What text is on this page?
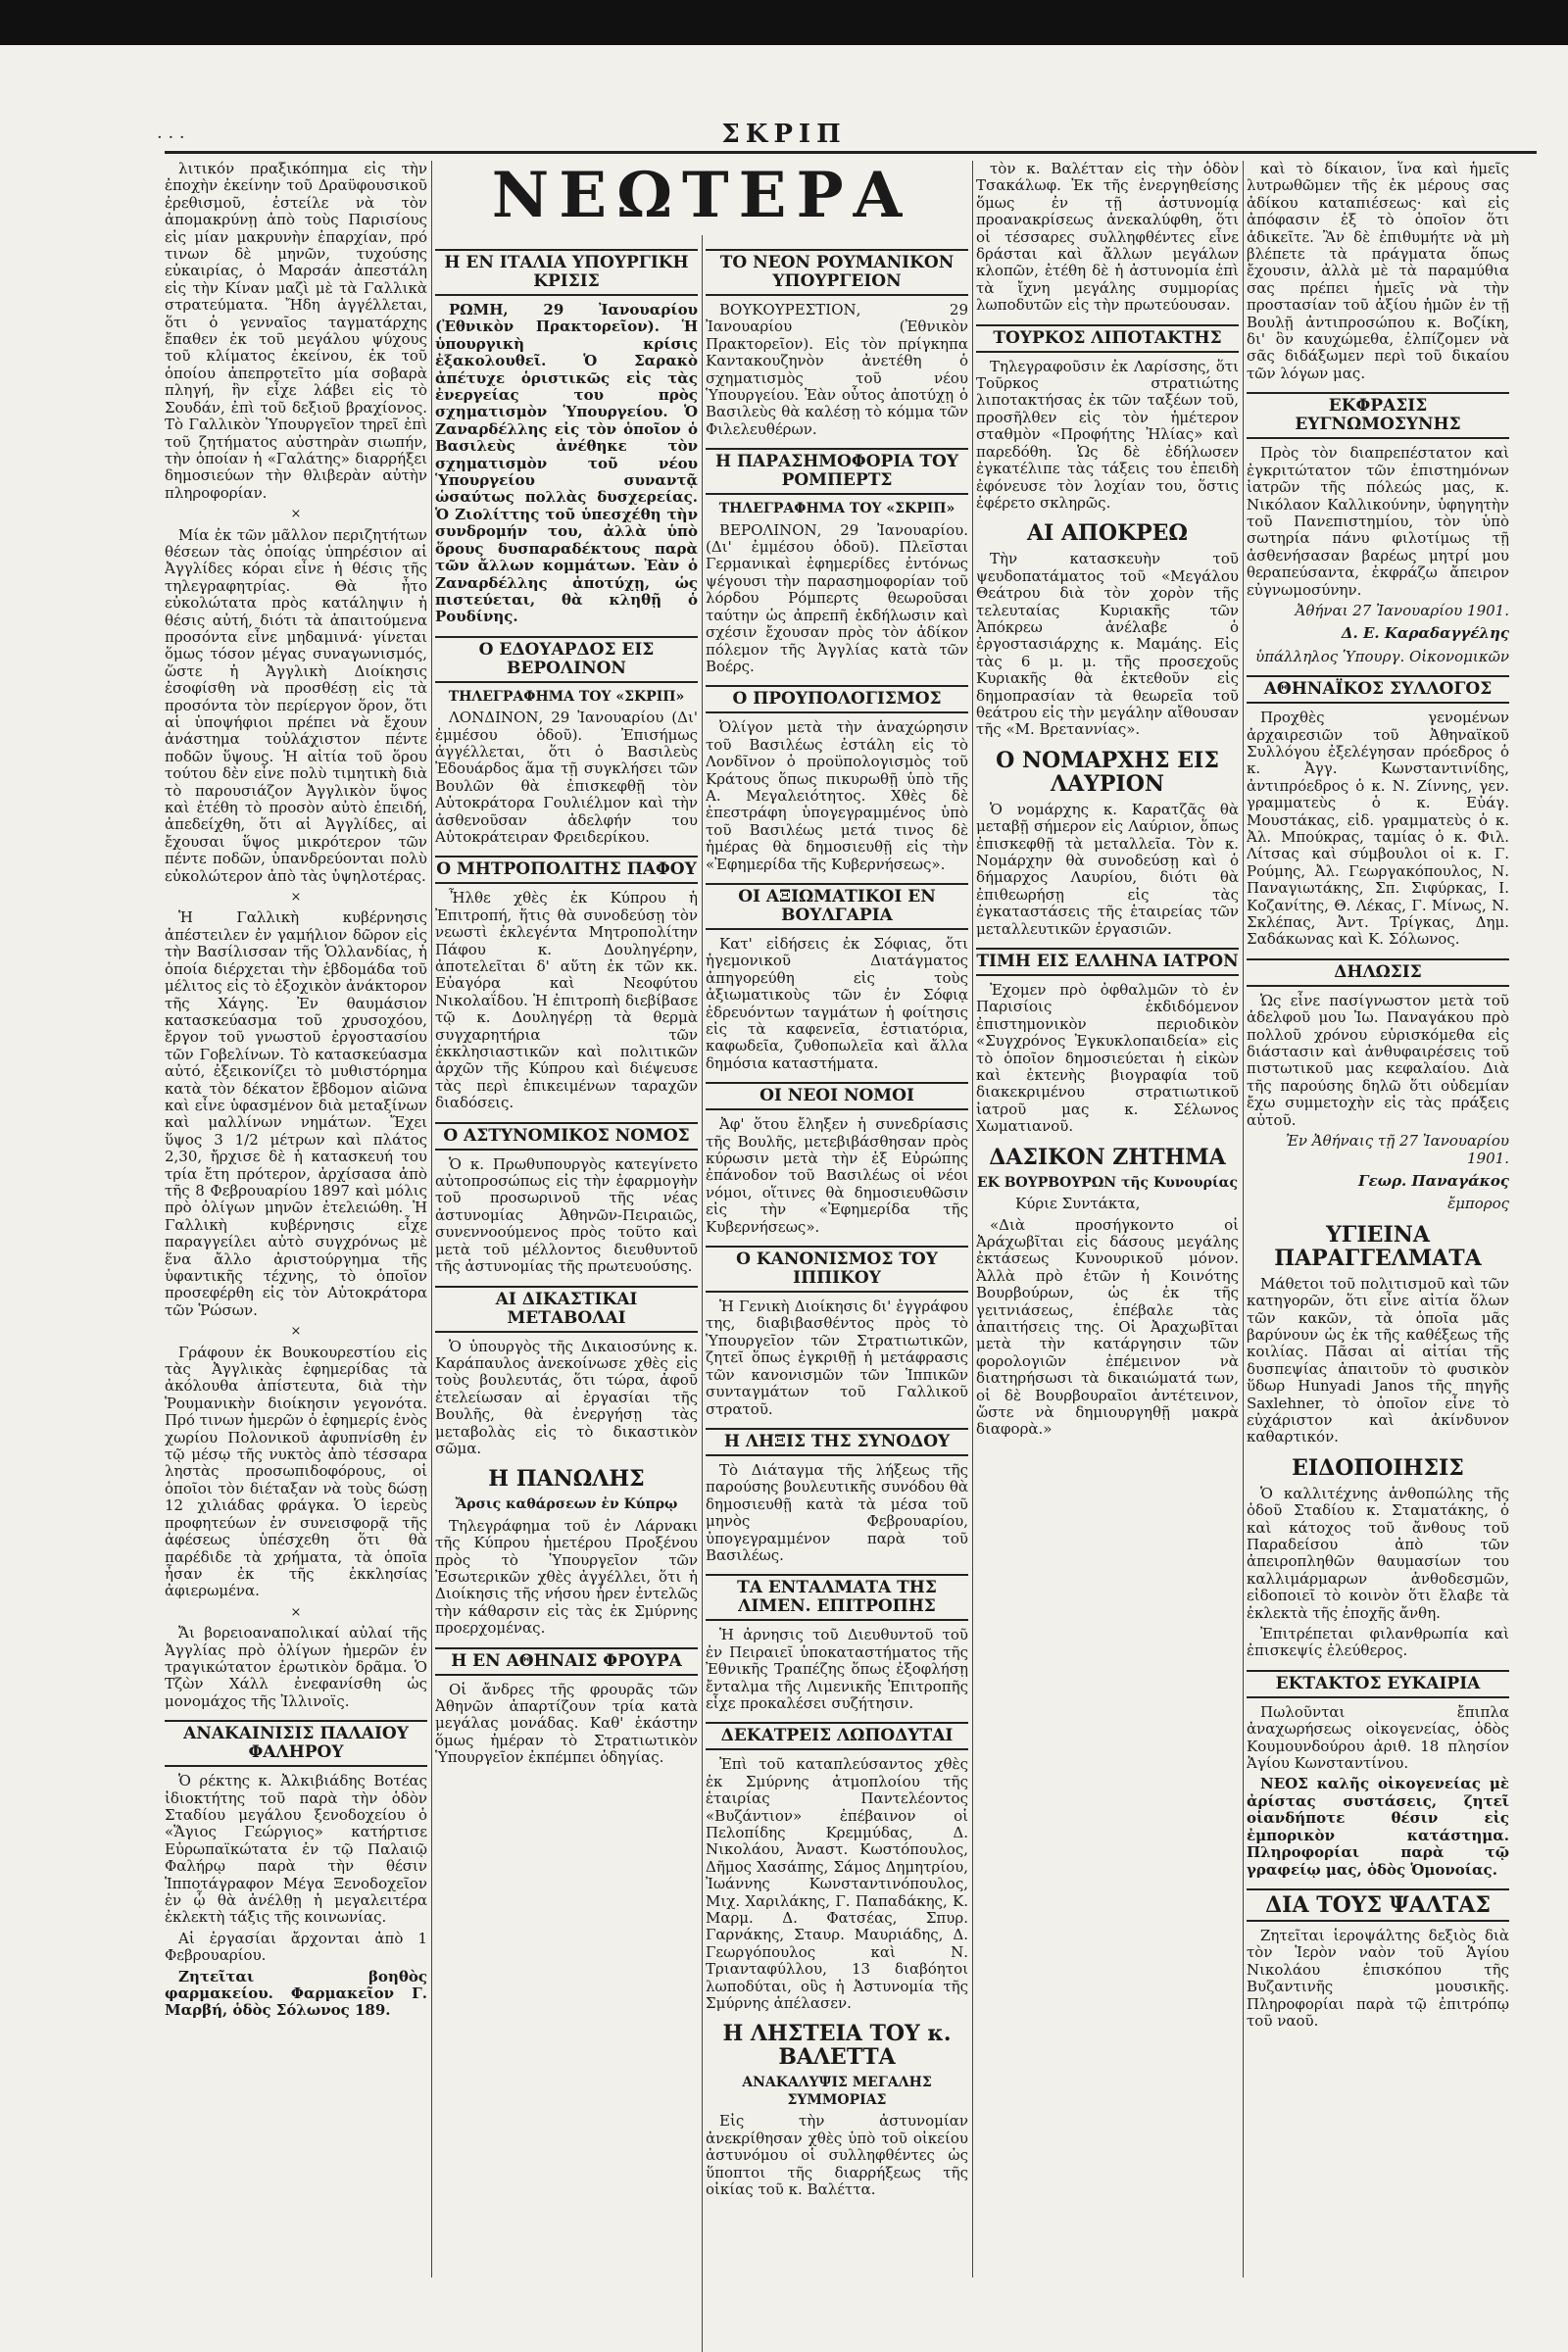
· · ·	ΣΚΡΙΠ
ΝΕΩΤΕΡΑ

λιτικόν πραξικόπημα εἰς τὴν ἐποχὴν ἐκείνην τοῦ Δραϋφουσικοῦ ἐρεθισμοῦ, ἐστείλε νὰ τὸν ἀπομακρύνῃ ἀπὸ τοὺς Παρισίους εἰς μίαν μακρυνὴν ἐπαρχίαν, πρό τινων δὲ μηνῶν, τυχούσης εὐκαιρίας, ὁ Μαρσάν ἀπεστάλη εἰς τὴν Κίναν μαζὶ μὲ τὰ Γαλλικὰ στρατεύματα. Ἤδη ἀγγέλλεται, ὅτι ὁ γενναῖος ταγματάρχης ἔπαθεν ἐκ τοῦ μεγάλου ψύχους τοῦ κλίματος ἐκείνου, ἐκ τοῦ ὁποίου ἀπεπροτεῖτο μία σοβαρὰ πληγή, ἣν εἶχε λάβει εἰς τὸ Σουδάν, ἐπὶ τοῦ δεξιοῦ βραχίονος. Τὸ Γαλλικὸν Ὑπουργεῖον τηρεῖ ἐπὶ τοῦ ζητήματος αὐστηρὰν σιωπήν, τὴν ὁποίαν ἡ «Γαλάτης» διαρρήξει δημοσιεύων τὴν θλιβερὰν αὐτὴν πληροφορίαν.

×

Μία ἐκ τῶν μᾶλλον περιζητήτων θέσεων τὰς ὁποίας ὑπηρέσιον αἱ Ἀγγλίδες κόραι εἶνε ἡ θέσις τῆς τηλεγραφητρίας. Θὰ ἦτο εὐκολώτατα πρὸς κατάληψιν ἡ θέσις αὐτή, διότι τὰ ἀπαιτούμενα προσόντα εἶνε μηδαμινά· γίνεται ὅμως τόσον μέγας συναγωνισμός, ὥστε ἡ Ἀγγλικὴ Διοίκησις ἐσοφίσθη νὰ προσθέσῃ εἰς τὰ προσόντα τὸν περίεργον ὅρον, ὅτι αἱ ὑποψήφιοι πρέπει νὰ ἔχουν ἀνάστημα τοὐλάχιστον πέντε ποδῶν ὕψους. Ἡ αἰτία τοῦ ὅρου τούτου δὲν εἶνε πολὺ τιμητικὴ διὰ τὸ παρουσιάζον Ἀγγλικὸν ὕψος καὶ ἐτέθη τὸ προσὸν αὐτὸ ἐπειδή, ἀπεδείχθη, ὅτι αἱ Ἀγγλίδες, αἱ ἔχουσαι ὕψος μικρότερον τῶν πέντε ποδῶν, ὑπανδρεύονται πολὺ εὐκολώτερον ἀπὸ τὰς ὑψηλοτέρας.

×

Ἡ Γαλλικὴ κυβέρνησις ἀπέστειλεν ἐν γαμήλιον δῶρον εἰς τὴν Βασίλισσαν τῆς Ὁλλανδίας, ἡ ὁποία διέρχεται τὴν ἑβδομάδα τοῦ μέλιτος εἰς τὸ ἐξοχικὸν ἀνάκτορον τῆς Χάγης. Ἐν θαυμάσιον κατασκεύασμα τοῦ χρυσοχόου, ἔργον τοῦ γνωστοῦ ἐργοστασίου τῶν Γοβελίνων. Τὸ κατασκεύασμα αὐτό, ἐξεικονίζει τὸ μυθιστόρημα κατὰ τὸν δέκατον ἔβδομον αἰῶνα καὶ εἶνε ὑφασμένον διὰ μεταξίνων καὶ μαλλίνων νημάτων. Ἔχει ὕψος 3 1/2 μέτρων καὶ πλάτος 2,30, ἤρχισε δὲ ἡ κατασκευή του τρία ἔτη πρότερον, ἀρχίσασα ἀπὸ τῆς 8 Φεβρουαρίου 1897 καὶ μόλις πρὸ ὀλίγων μηνῶν ἐτελειώθη. Ἡ Γαλλικὴ κυβέρνησις εἶχε παραγγείλει αὐτὸ συγχρόνως μὲ ἕνα ἄλλο ἀριστούργημα τῆς ὑφαντικῆς τέχνης, τὸ ὁποῖον προσεφέρθη εἰς τὸν Αὐτοκράτορα τῶν Ῥώσων.

×

Γράφουν ἐκ Βουκουρεστίου εἰς τὰς Ἀγγλικὰς ἐφημερίδας τὰ ἀκόλουθα ἀπίστευτα, διὰ τὴν Ῥουμανικὴν διοίκησιν γεγονότα. Πρό τινων ἡμερῶν ὁ ἐφημερίς ἑνὸς χωρίου Πολονικοῦ ἀφυπνίσθη ἐν τῷ μέσῳ τῆς νυκτὸς ἀπὸ τέσσαρα ληστὰς προσωπιδοφόρους, οἱ ὁποῖοι τὸν διέταξαν νὰ τοὺς δώσῃ 12 χιλιάδας φράγκα. Ὁ ἱερεὺς προφητεύων ἐν συνεισφορᾷ τῆς ἀφέσεως ὑπέσχεθη ὅτι θὰ παρέδιδε τὰ χρήματα, τὰ ὁποῖα ἦσαν ἐκ τῆς ἐκκλησίας ἀφιερωμένα.

×

Ἄι βορειοαναπολικαί αὐλαί τῆς Ἀγγλίας πρὸ ὀλίγων ἡμερῶν ἐν τραγικώτατον ἐρωτικὸν δρᾶμα. Ὁ Τζὼν Χάλλ ἐνεφανίσθη ὡς μονομάχος τῆς Ἰλλινοϊς.

ΑΝΑΚΑΙΝΙΣΙΣ ΠΑΛΑΙΟΥ ΦΑΛΗΡΟΥ

Ὁ ρέκτης κ. Ἀλκιβιάδης Βοτέας ἰδιοκτήτης τοῦ παρὰ τὴν ὁδὸν Σταδίου μεγάλου ξενοδοχείου ὁ «Ἅγιος Γεώργιος» κατήρτισε Εὐρωπαϊκώτατα ἐν τῷ Παλαιῷ Φαλήρῳ παρὰ τὴν θέσιν Ἱπποτάγραφον Μέγα Ξενοδοχεῖον ἐν ᾧ θὰ ἀνέλθῃ ἡ μεγαλειτέρα ἐκλεκτὴ τάξις τῆς κοινωνίας.

Αἱ ἐργασίαι ἄρχονται ἀπὸ 1 Φεβρουαρίου.

Ζητεῖται βοηθὸς φαρμακείου. Φαρμακεῖον Γ. Μαρβή, ὁδὸς Σόλωνος 189.

Η ΕΝ ΙΤΑΛΙΑ ΥΠΟΥΡΓΙΚΗ ΚΡΙΣΙΣ

ΡΩΜΗ, 29 Ἰανουαρίου (Ἐθνικὸν Πρακτορεῖον). Ἡ ὑπουργικὴ κρίσις ἐξακολουθεῖ. Ὁ Σαρακὸ ἀπέτυχε ὁριστικῶς εἰς τὰς ἐνεργείας του πρὸς σχηματισμὸν Ὑπουργείου. Ὁ Ζαναρδέλλης εἰς τὸν ὁποῖον ὁ Βασιλεὺς ἀνέθηκε τὸν σχηματισμὸν τοῦ νέου Ὑπουργείου συναντᾷ ὡσαύτως πολλὰς δυσχερείας. Ὁ Ζιολίττης τοῦ ὑπεσχέθη τὴν συνδρομήν του, ἀλλὰ ὑπὸ ὅρους δυσπαραδέκτους παρὰ τῶν ἄλλων κομμάτων. Ἐὰν ὁ Ζαναρδέλλης ἀποτύχῃ, ὡς πιστεύεται, θὰ κληθῇ ὁ Ρουδίνης.

Ο ΕΔΟΥΑΡΔΟΣ ΕΙΣ ΒΕΡΟΛΙΝΟΝ
ΤΗΛΕΓΡΑΦΗΜΑ ΤΟΥ «ΣΚΡΙΠ»

ΛΟΝΔΙΝΟΝ, 29 Ἰανουαρίου (Δι' ἐμμέσου ὁδοῦ). Ἐπισήμως ἀγγέλλεται, ὅτι ὁ Βασιλεὺς Ἐδουάρδος ἅμα τῇ συγκλήσει τῶν Βουλῶν θὰ ἐπισκεφθῇ τὸν Αὐτοκράτορα Γουλιέλμον καὶ τὴν ἀσθενοῦσαν ἀδελφήν του Αὐτοκράτειραν Φρειδερίκου.

Ο ΜΗΤΡΟΠΟΛΙΤΗΣ ΠΑΦΟΥ

Ἦλθε χθὲς ἐκ Κύπρου ἡ Ἐπιτροπή, ἥτις θὰ συνοδεύσῃ τὸν νεωστὶ ἐκλεγέντα Μητροπολίτην Πάφου κ. Δουληγέρην, ἀποτελεῖται δ' αὕτη ἐκ τῶν κκ. Εὐαγόρα καὶ Νεοφύτου Νικολαΐδου. Ἡ ἐπιτροπὴ διεβίβασε τῷ κ. Δουληγέρῃ τὰ θερμὰ συγχαρητήρια τῶν ἐκκλησιαστικῶν καὶ πολιτικῶν ἀρχῶν τῆς Κύπρου καὶ διέψευσε τὰς περὶ ἐπικειμένων ταραχῶν διαδόσεις.

Ο ΑΣΤΥΝΟΜΙΚΟΣ ΝΟΜΟΣ

Ὁ κ. Πρωθυπουργὸς κατεγίνετο αὐτοπροσώπως εἰς τὴν ἐφαρμογὴν τοῦ προσωρινοῦ τῆς νέας ἀστυνομίας Ἀθηνῶν-Πειραιῶς, συνεννοούμενος πρὸς τοῦτο καὶ μετὰ τοῦ μέλλοντος διευθυντοῦ τῆς ἀστυνομίας τῆς πρωτευούσης.

ΑΙ ΔΙΚΑΣΤΙΚΑΙ ΜΕΤΑΒΟΛΑΙ

Ὁ ὑπουργὸς τῆς Δικαιοσύνης κ. Καράπαυλος ἀνεκοίνωσε χθὲς εἰς τοὺς βουλευτάς, ὅτι τώρα, ἀφοῦ ἐτελείωσαν αἱ ἐργασίαι τῆς Βουλῆς, θὰ ἐνεργήσῃ τὰς μεταβολὰς εἰς τὸ δικαστικὸν σῶμα.

Η ΠΑΝΩΛΗΣ
Ἄρσις καθάρσεων ἐν Κύπρῳ

Τηλεγράφημα τοῦ ἐν Λάρνακι τῆς Κύπρου ἡμετέρου Προξένου πρὸς τὸ Ὑπουργεῖον τῶν Ἐσωτερικῶν χθὲς ἀγγέλλει, ὅτι ἡ Διοίκησις τῆς νήσου ἦρεν ἐντελῶς τὴν κάθαρσιν εἰς τὰς ἐκ Σμύρνης προερχομένας.

Η ΕΝ ΑΘΗΝΑΙΣ ΦΡΟΥΡΑ

Οἱ ἄνδρες τῆς φρουρᾶς τῶν Ἀθηνῶν ἀπαρτίζουν τρία κατὰ μεγάλας μονάδας. Καθ' ἑκάστην ὅμως ἡμέραν τὸ Στρατιωτικὸν Ὑπουργεῖον ἐκπέμπει ὁδηγίας.

ΤΟ ΝΕΟΝ ΡΟΥΜΑΝΙΚΟΝ ΥΠΟΥΡΓΕΙΟΝ

ΒΟΥΚΟΥΡΕΣΤΙΟΝ, 29 Ἰανουαρίου (Ἐθνικὸν Πρακτορεῖον). Εἰς τὸν πρίγκηπα Καντακουζηνὸν ἀνετέθη ὁ σχηματισμὸς τοῦ νέου Ὑπουργείου. Ἐὰν οὗτος ἀποτύχῃ ὁ Βασιλεὺς θὰ καλέσῃ τὸ κόμμα τῶν Φιλελευθέρων.

Η ΠΑΡΑΣΗΜΟΦΟΡΙΑ ΤΟΥ ΡΟΜΠΕΡΤΣ
ΤΗΛΕΓΡΑΦΗΜΑ ΤΟΥ «ΣΚΡΙΠ»

ΒΕΡΟΛΙΝΟΝ, 29 Ἰανουαρίου. (Δι' ἐμμέσου ὁδοῦ). Πλεῖσται Γερμανικαὶ ἐφημερίδες ἐντόνως ψέγουσι τὴν παρασημοφορίαν τοῦ λόρδου Ρόμπερτς θεωροῦσαι ταύτην ὡς ἀπρεπῆ ἐκδήλωσιν καὶ σχέσιν ἔχουσαν πρὸς τὸν ἀδίκον πόλεμον τῆς Ἀγγλίας κατὰ τῶν Βοέρς.

Ο ΠΡΟΥΠΟΛΟΓΙΣΜΟΣ

Ὀλίγον μετὰ τὴν ἀναχώρησιν τοῦ Βασιλέως ἐστάλη εἰς τὸ Λονδῖνον ὁ προϋπολογισμὸς τοῦ Κράτους ὅπως πικυρωθῇ ὑπὸ τῆς Α. Μεγαλειότητος. Χθὲς δὲ ἐπεστράφη ὑπογεγραμμένος ὑπὸ τοῦ Βασιλέως μετά τινος δὲ ἡμέρας θὰ δημοσιευθῇ εἰς τὴν «Ἐφημερίδα τῆς Κυβερνήσεως».

ΟΙ ΑΞΙΩΜΑΤΙΚΟΙ ΕΝ ΒΟΥΛΓΑΡΙΑ

Κατ' εἰδήσεις ἐκ Σόφιας, ὅτι ἡγεμονικοῦ Διατάγματος ἀπηγορεύθη εἰς τοὺς ἀξιωματικοὺς τῶν ἐν Σόφιᾳ ἐδρευόντων ταγμάτων ἡ φοίτησις εἰς τὰ καφενεῖα, ἑστιατόρια, καφωδεῖα, ζυθοπωλεῖα καὶ ἄλλα δημόσια καταστήματα.

ΟΙ ΝΕΟΙ ΝΟΜΟΙ

Ἀφ' ὅτου ἔληξεν ἡ συνεδρίασις τῆς Βουλῆς, μετεβιβάσθησαν πρὸς κύρωσιν μετὰ τὴν ἐξ Εὐρώπης ἐπάνοδον τοῦ Βασιλέως οἱ νέοι νόμοι, οἵτινες θὰ δημοσιευθῶσιν εἰς τὴν «Ἐφημερίδα τῆς Κυβερνήσεως».

Ο ΚΑΝΟΝΙΣΜΟΣ ΤΟΥ ΙΠΠΙΚΟΥ

Ἡ Γενικὴ Διοίκησις δι' ἐγγράφου της, διαβιβασθέντος πρὸς τὸ Ὑπουργεῖον τῶν Στρατιωτικῶν, ζητεῖ ὅπως ἐγκριθῇ ἡ μετάφρασις τῶν κανονισμῶν τῶν Ἱππικῶν συνταγμάτων τοῦ Γαλλικοῦ στρατοῦ.

Η ΛΗΞΙΣ ΤΗΣ ΣΥΝΟΔΟΥ

Τὸ Διάταγμα τῆς λήξεως τῆς παρούσης βουλευτικῆς συνόδου θὰ δημοσιευθῇ κατὰ τὰ μέσα τοῦ μηνὸς Φεβρουαρίου, ὑπογεγραμμένον παρὰ τοῦ Βασιλέως.

ΤΑ ΕΝΤΑΛΜΑΤΑ ΤΗΣ ΛΙΜΕΝ. ΕΠΙΤΡΟΠΗΣ

Ἡ ἀρνησις τοῦ Διευθυντοῦ τοῦ ἐν Πειραιεῖ ὑποκαταστήματος τῆς Ἐθνικῆς Τραπέζης ὅπως ἐξοφλήσῃ ἔνταλμα τῆς Λιμενικῆς Ἐπιτροπῆς εἶχε προκαλέσει συζήτησιν.

ΔΕΚΑΤΡΕΙΣ ΛΩΠΟΔΥΤΑΙ

Ἐπὶ τοῦ καταπλεύσαντος χθὲς ἐκ Σμύρνης ἀτμοπλοίου τῆς ἑταιρίας Παντελέοντος «Βυζάντιον» ἐπέβαινον οἱ Πελοπίδης Κρεμμύδας, Δ. Νικολάου, Ἀναστ. Κωστόπουλος, Δῆμος Χασάπης, Σάμος Δημητρίου, Ἰωάννης Κωνσταντινόπουλος, Μιχ. Χαριλάκης, Γ. Παπαδάκης, Κ. Μαρμ. Δ. Φατσέας, Σπυρ. Γαρνάκης, Σταυρ. Μαυριάδης, Δ. Γεωργόπουλος καὶ Ν. Τριανταφύλλου, 13 διαβόητοι λωποδύται, οὓς ἡ Ἀστυνομία τῆς Σμύρνης ἀπέλασεν.

Η ΛΗΣΤΕΙΑ ΤΟΥ κ. ΒΑΛΕΤΤΑ
ΑΝΑΚΑΛΥΨΙΣ ΜΕΓΑΛΗΣ ΣΥΜΜΟΡΙΑΣ

Εἰς τὴν ἀστυνομίαν ἀνεκρίθησαν χθὲς ὑπὸ τοῦ οἰκείου ἀστυνόμου οἱ συλληφθέντες ὡς ὕποπτοι τῆς διαρρήξεως τῆς οἰκίας τοῦ κ. Βαλέττα.

τὸν κ. Βαλέτταν εἰς τὴν ὁδὸν Τσακάλωφ. Ἐκ τῆς ἐνεργηθείσης ὅμως ἐν τῇ ἀστυνομίᾳ προανακρίσεως ἀνεκαλύφθη, ὅτι οἱ τέσσαρες συλληφθέντες εἶνε δράσται καὶ ἄλλων μεγάλων κλοπῶν, ἐτέθη δὲ ἡ ἀστυνομία ἐπὶ τὰ ἴχνη μεγάλης συμμορίας λωποδυτῶν εἰς τὴν πρωτεύουσαν.

ΤΟΥΡΚΟΣ ΛΙΠΟΤΑΚΤΗΣ

Τηλεγραφοῦσιν ἐκ Λαρίσσης, ὅτι Τοῦρκος στρατιώτης λιποτακτήσας ἐκ τῶν ταξέων τοῦ, προσῆλθεν εἰς τὸν ἡμέτερον σταθμὸν «Προφήτης Ἠλίας» καὶ παρεδόθη. Ὡς δὲ ἐδήλωσεν ἐγκατέλιπε τὰς τάξεις του ἐπειδὴ ἐφόνευσε τὸν λοχίαν του, ὅστις ἐφέρετο σκληρῶς.

ΑΙ ΑΠΟΚΡΕΩ

Τὴν κατασκευὴν τοῦ ψευδοπατάματος τοῦ «Μεγάλου Θεάτρου διὰ τὸν χορὸν τῆς τελευταίας Κυριακῆς τῶν Ἀπόκρεω ἀνέλαβε ὁ ἐργοστασιάρχης κ. Μαμάης. Εἰς τὰς 6 μ. μ. τῆς προσεχοῦς Κυριακῆς θὰ ἐκτεθοῦν εἰς δημοπρασίαν τὰ θεωρεῖα τοῦ θεάτρου εἰς τὴν μεγάλην αἴθουσαν τῆς «Μ. Βρεταννίας».

Ο ΝΟΜΑΡΧΗΣ ΕΙΣ ΛΑΥΡΙΟΝ

Ὁ νομάρχης κ. Καρατζᾶς θὰ μεταβῇ σήμερον εἰς Λαύριον, ὅπως ἐπισκεφθῇ τὰ μεταλλεῖα. Τὸν κ. Νομάρχην θὰ συνοδεύσῃ καὶ ὁ δήμαρχος Λαυρίου, διότι θὰ ἐπιθεωρήσῃ εἰς τὰς ἐγκαταστάσεις τῆς ἑταιρείας τῶν μεταλλευτικῶν ἐργασιῶν.

ΤΙΜΗ ΕΙΣ ΕΛΛΗΝΑ ΙΑΤΡΟΝ

Ἐχομεν πρὸ ὀφθαλμῶν τὸ ἐν Παρισίοις ἐκδιδόμενον ἐπιστημονικὸν περιοδικὸν «Συγχρόνος Ἐγκυκλοπαιδεία» εἰς τὸ ὁποῖον δημοσιεύεται ἡ εἰκὼν καὶ ἐκτενὴς βιογραφία τοῦ διακεκριμένου στρατιωτικοῦ ἰατροῦ μας κ. Σέλωνος Χωματιανοῦ.

ΔΑΣΙΚΟΝ ΖΗΤΗΜΑ
ΕΚ ΒΟΥΡΒΟΥΡΩΝ τῆς Κυνουρίας

Κύριε Συντάκτα,

«Διὰ προσήγκοντο οἱ Ἀράχωβῖται εἰς δάσους μεγάλης ἐκτάσεως Κυνουρικοῦ μόνον. Ἀλλὰ πρὸ ἐτῶν ἡ Κοινότης Βουρβούρων, ὡς ἐκ τῆς γειτνιάσεως, ἐπέβαλε τὰς ἀπαιτήσεις της. Οἱ Ἀραχωβῖται μετὰ τὴν κατάργησιν τῶν φορολογιῶν ἐπέμεινον νὰ διατηρήσωσι τὰ δικαιώματά των, οἱ δὲ Βουρβουραῖοι ἀντέτεινον, ὥστε νὰ δημιουργηθῇ μακρὰ διαφορὰ.»

καὶ τὸ δίκαιον, ἵνα καὶ ἡμεῖς λυτρωθῶμεν τῆς ἐκ μέρους σας ἀδίκου καταπιέσεως· καὶ εἰς ἀπόφασιν ἐξ τὸ ὁποῖον ὅτι ἀδικεῖτε. Ἂν δὲ ἐπιθυμήτε νὰ μὴ βλέπετε τὰ πράγματα ὅπως ἔχουσιν, ἀλλὰ μὲ τὰ παραμύθια σας πρέπει ἡμεῖς νὰ τὴν προστασίαν τοῦ ἀξίου ἡμῶν ἐν τῇ Βουλῇ ἀντιπροσώπου κ. Βοζίκη, δι' ὃν καυχώμεθα, ἐλπίζομεν νὰ σᾶς διδάξωμεν περὶ τοῦ δικαίου τῶν λόγων μας.

ΕΚΦΡΑΣΙΣ ΕΥΓΝΩΜΟΣΥΝΗΣ

Πρὸς τὸν διαπρεπέστατον καὶ ἐγκριτώτατον τῶν ἐπιστημόνων ἰατρῶν τῆς πόλεώς μας, κ. Νικόλαον Καλλικούνην, ὑφηγητὴν τοῦ Πανεπιστημίου, τὸν ὑπὸ σωτηρία πάνυ φιλοτίμως τῇ ἀσθενήσασαν βαρέως μητρί μου θεραπεύσαντα, ἐκφράζω ἄπειρον εὐγνωμοσύνην.

Ἀθήναι 27 Ἰανουαρίου 1901.
Δ. Ε. Καραδαγγέλης
ὑπάλληλος Ὑπουργ. Οἰκονομικῶν
ΑΘΗΝΑΪΚΟΣ ΣΥΛΛΟΓΟΣ

Προχθὲς γενομένων ἀρχαιρεσιῶν τοῦ Ἀθηναϊκοῦ Συλλόγου ἐξελέγησαν πρόεδρος ὁ κ. Ἀγγ. Κωνσταντινίδης, ἀντιπρόεδρος ὁ κ. Ν. Ζίννης, γεν. γραμματεὺς ὁ κ. Εὐάγ. Μουστάκας, εἰδ. γραμματεὺς ὁ κ. Ἀλ. Μπούκρας, ταμίας ὁ κ. Φιλ. Λίτσας καὶ σύμβουλοι οἱ κ. Γ. Ρούμης, Ἀλ. Γεωργακόπουλος, Ν. Παναγιωτάκης, Σπ. Σιφύρκας, Ι. Κοζανίτης, Θ. Λέκας, Γ. Μίνως, Ν. Σκλέπας, Ἀντ. Τρίγκας, Δημ. Σαδάκωνας καὶ Κ. Σόλωνος.

ΔΗΛΩΣΙΣ

Ὡς εἶνε πασίγνωστον μετὰ τοῦ ἀδελφοῦ μου Ἰω. Παναγάκου πρὸ πολλοῦ χρόνου εὑρισκόμεθα εἰς διάστασιν καὶ ἀνθυφαιρέσεις τοῦ πιστωτικοῦ μας κεφαλαίου. Διὰ τῆς παρούσης δηλῶ ὅτι οὐδεμίαν ἔχω συμμετοχὴν εἰς τὰς πράξεις αὐτοῦ.

Ἐν Ἀθήναις τῇ 27 Ἰανουαρίου 1901.
Γεωρ. Παναγάκος
ἔμπορος
ΥΓΙΕΙΝΑ ΠΑΡΑΓΓΕΛΜΑΤΑ

Μάθετοι τοῦ πολιτισμοῦ καὶ τῶν κατηγορῶν, ὅτι εἶνε αἰτία ὅλων τῶν κακῶν, τὰ ὁποῖα μᾶς βαρύνουν ὡς ἐκ τῆς καθέξεως τῆς κοιλίας. Πᾶσαι αἱ αἰτίαι τῆς δυσπεψίας ἀπαιτοῦν τὸ φυσικὸν ὕδωρ Hunyadi Janos τῆς πηγῆς Saxlehner, τὸ ὁποῖον εἶνε τὸ εὐχάριστον καὶ ἀκίνδυνον καθαρτικόν.

ΕΙΔΟΠΟΙΗΣΙΣ

Ὁ καλλιτέχνης ἀνθοπώλης τῆς ὁδοῦ Σταδίου κ. Σταματάκης, ὁ καὶ κάτοχος τοῦ ἄνθους τοῦ Παραδείσου ἀπὸ τῶν ἀπειροπληθῶν θαυμασίων του καλλιμάρμαρων ἀνθοδεσμῶν, εἰδοποιεῖ τὸ κοινὸν ὅτι ἔλαβε τὰ ἐκλεκτὰ τῆς ἐποχῆς ἄνθη.

Ἐπιτρέπεται φιλανθρωπία καὶ ἐπισκεψίς ἐλεύθερος.

ΕΚΤΑΚΤΟΣ ΕΥΚΑΙΡΙΑ

Πωλοῦνται ἔπιπλα ἀναχωρήσεως οἰκογενείας, ὁδὸς Κουμουνδούρου ἀριθ. 18 πλησίον Ἁγίου Κωνσταντίνου.

ΝΕΟΣ καλῆς οἰκογενείας μὲ ἀρίστας συστάσεις, ζητεῖ οἱανδήποτε θέσιν εἰς ἐμπορικὸν κατάστημα. Πληροφορίαι παρὰ τῷ γραφείῳ μας, ὁδὸς Ὁμονοίας.

ΔΙΑ ΤΟΥΣ ΨΑΛΤΑΣ

Ζητεῖται ἱεροψάλτης δεξιὸς διὰ τὸν Ἱερὸν ναὸν τοῦ Ἁγίου Νικολάου ἐπισκόπου τῆς Βυζαντινῆς μουσικῆς. Πληροφορίαι παρὰ τῷ ἐπιτρόπῳ τοῦ ναοῦ.
